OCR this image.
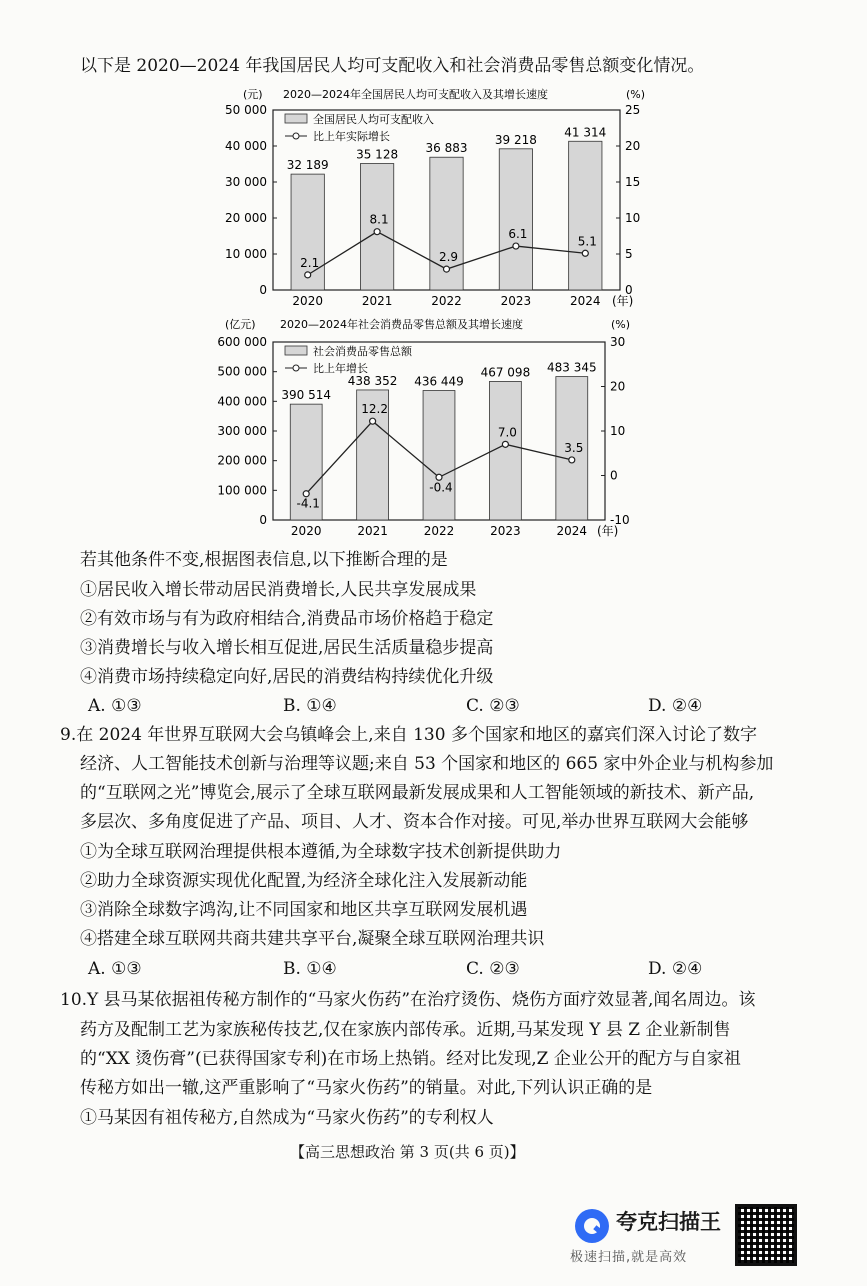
以下是 2020—2024 年我国居民人均可支配收入和社会消费品零售总额变化情况。
2020—2024年全国居民人均可支配收入及其增长速度
(元)	(%)
0
10 000
20 000
30 000
40 000
50 000
0
5
10
15
20
25
32 189
2020
35 128
2021
36 883
2022
39 218
2023
41 314
2024 (年)
2.1
8.1
2.9
6.1
5.1
全国居民人均可支配收入
比上年实际增长
2020—2024年社会消费品零售总额及其增长速度
(亿元)	(%)
0
100 000
200 000
300 000
400 000
500 000
600 000
-10
0
10
20
30
390 514
2020
438 352
2021
436 449
2022
467 098
2023
483 345
2024 (年)
-4.1
12.2
-0.4
7.0
3.5
社会消费品零售总额
比上年增长
若其他条件不变,根据图表信息,以下推断合理的是
①居民收入增长带动居民消费增长,人民共享发展成果
②有效市场与有为政府相结合,消费品市场价格趋于稳定
③消费增长与收入增长相互促进,居民生活质量稳步提高
④消费市场持续稳定向好,居民的消费结构持续优化升级
A. ①③	B. ①④	C. ②③	D. ②④
9.在 2024 年世界互联网大会乌镇峰会上,来自 130 多个国家和地区的嘉宾们深入讨论了数字
经济、人工智能技术创新与治理等议题;来自 53 个国家和地区的 665 家中外企业与机构参加
的“互联网之光”博览会,展示了全球互联网最新发展成果和人工智能领域的新技术、新产品,
多层次、多角度促进了产品、项目、人才、资本合作对接。可见,举办世界互联网大会能够
①为全球互联网治理提供根本遵循,为全球数字技术创新提供助力
②助力全球资源实现优化配置,为经济全球化注入发展新动能
③消除全球数字鸿沟,让不同国家和地区共享互联网发展机遇
④搭建全球互联网共商共建共享平台,凝聚全球互联网治理共识
A. ①③	B. ①④	C. ②③	D. ②④
10.Y 县马某依据祖传秘方制作的“马家火伤药”在治疗烫伤、烧伤方面疗效显著,闻名周边。该
药方及配制工艺为家族秘传技艺,仅在家族内部传承。近期,马某发现 Y 县 Z 企业新制售
的“XX 烫伤膏”(已获得国家专利)在市场上热销。经对比发现,Z 企业公开的配方与自家祖
传秘方如出一辙,这严重影响了“马家火伤药”的销量。对此,下列认识正确的是
①马某因有祖传秘方,自然成为“马家火伤药”的专利权人
【高三思想政治 第 3 页(共 6 页)】
夸克扫描王
极速扫描,就是高效
